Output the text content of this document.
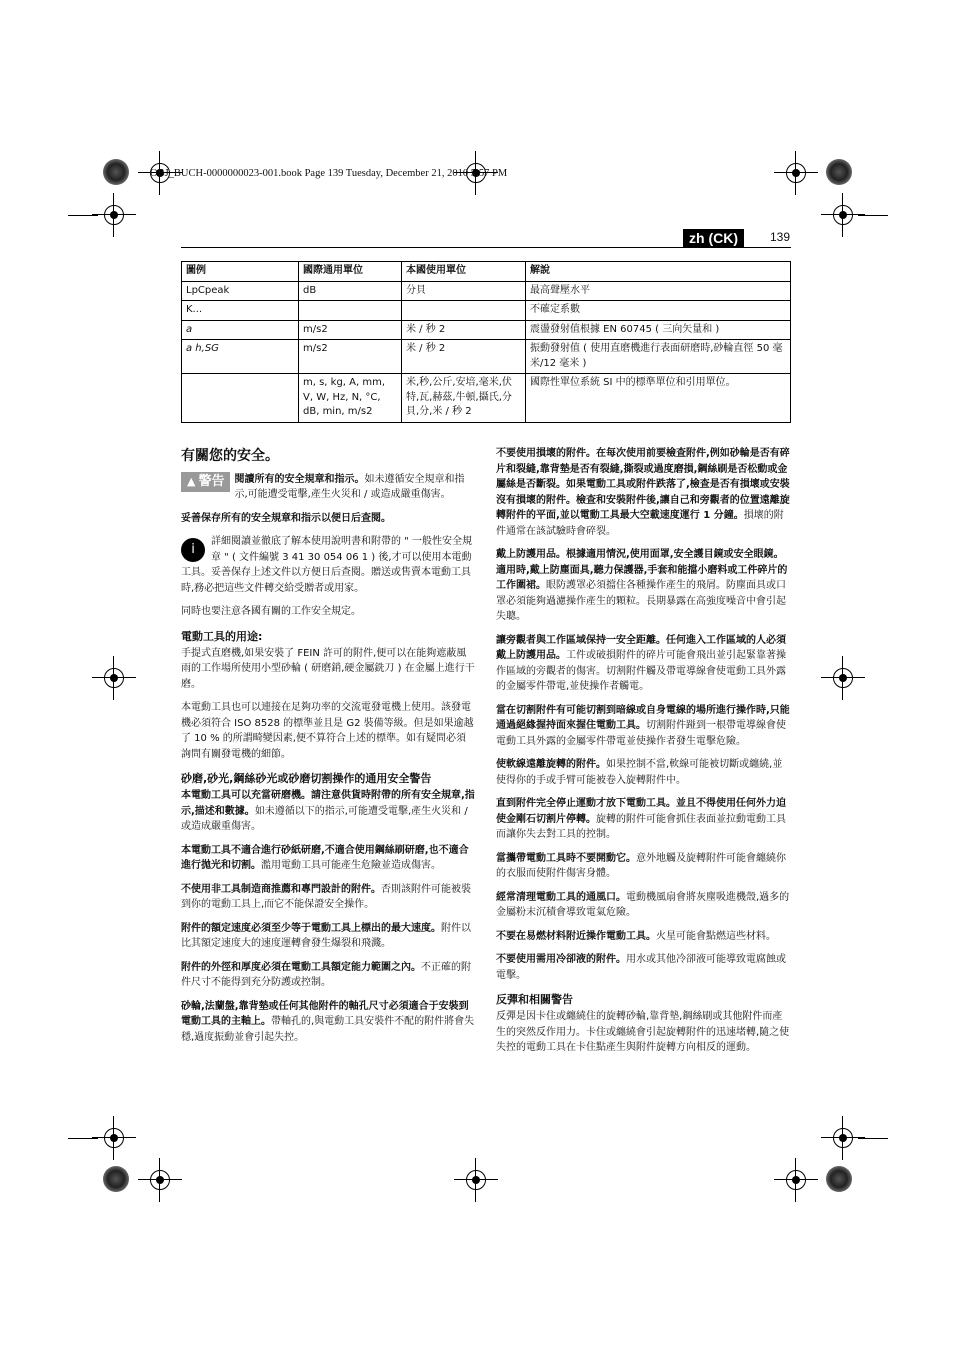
OBJ_BUCH-0000000023-001.book Page 139 Tuesday, December 21, 2010 5:57 PM
zh (CK)	139
圖例	國際通用單位	本國使用單位	解說
LpCpeak	dB	分貝	最高聲壓水平
K...			不確定系數
a	m/s2	米 / 秒 2	震盪發射值根據 EN 60745 ( 三向矢量和 )
a h,SG	m/s2	米 / 秒 2	振動發射值 ( 使用直磨機進行表面研磨時,砂輪直徑 50 毫米/12 毫米 )
	m, s, kg, A, mm, V, W, Hz, N, °C, dB, min, m/s2	米,秒,公斤,安培,毫米,伏特,瓦,赫茲,牛頓,攝氏,分貝,分,米 / 秒 2	國際性單位系統 SI 中的標準單位和引用單位。
有關您的安全。

▲ 警告	閱讀所有的安全規章和指示。如未遵循安全規章和指示,可能遭受電擊,產生火災和 / 或造成嚴重傷害。

妥善保存所有的安全規章和指示以便日后查閱。

i
詳細閱讀並徹底了解本使用說明書和附帶的 " 一般性安全規章 " ( 文件編號 3 41 30 054 06 1 ) 後,才可以使用本電動工具。妥善保存上述文件以方便日后查閱。贈送或售賣本電動工具時,務必把這些文件轉交給受贈者或用家。

同時也要注意各國有關的工作安全規定。

電動工具的用途:

手提式直磨機,如果安裝了 FEIN 許可的附件,便可以在能夠遮蔽風雨的工作場所使用小型砂輪 ( 研磨銷,硬金屬銑刀 ) 在金屬上進行干磨。

本電動工具也可以連接在足夠功率的交流電發電機上使用。該發電機必須符合 ISO 8528 的標準並且是 G2 裝備等級。但是如果逾越了 10 % 的所謂畸變因素,便不算符合上述的標準。如有疑問必須詢問有關發電機的細節。

砂磨,砂光,鋼絲砂光或砂磨切割操作的通用安全警告

本電動工具可以充當研磨機。請注意供貨時附帶的所有安全規章,指示,描述和數據。如未遵循以下的指示,可能遭受電擊,產生火災和 / 或造成嚴重傷害。

本電動工具不適合進行砂紙研磨,不適合使用鋼絲刷研磨,也不適合進行拋光和切割。濫用電動工具可能產生危險並造成傷害。

不使用非工具制造商推薦和專門設計的附件。否則該附件可能被裝到你的電動工具上,而它不能保證安全操作。

附件的額定速度必須至少等于電動工具上標出的最大速度。附件以比其額定速度大的速度運轉會發生爆裂和飛濺。

附件的外徑和厚度必須在電動工具額定能力範圍之內。不正確的附件尺寸不能得到充分防護或控制。

砂輪,法蘭盤,靠背墊或任何其他附件的軸孔尺寸必須適合于安裝到電動工具的主軸上。帶軸孔的,與電動工具安裝件不配的附件將會失穩,過度振動並會引起失控。

不要使用損壞的附件。在每次使用前要檢查附件,例如砂輪是否有碎片和裂縫,靠背墊是否有裂縫,撕裂或過度磨損,鋼絲刷是否松動或金屬絲是否斷裂。如果電動工具或附件跌落了,檢查是否有損壞或安裝沒有損壞的附件。檢查和安裝附件後,讓自己和旁觀者的位置遠離旋轉附件的平面,並以電動工具最大空載速度運行 1 分鐘。損壞的附件通常在該試驗時會碎裂。

戴上防護用品。根據適用情況,使用面罩,安全護目鏡或安全眼鏡。適用時,戴上防塵面具,聽力保護器,手套和能擋小磨料或工件碎片的工作圍裙。眼防護罩必須擋住各種操作產生的飛屑。防塵面具或口罩必須能夠過濾操作產生的顆粒。長期暴露在高強度噪音中會引起失聰。

讓旁觀者與工作區域保持一安全距離。任何進入工作區域的人必須戴上防護用品。工件或破損附件的碎片可能會飛出並引起緊靠著操作區域的旁觀者的傷害。切割附件觸及帶電導線會使電動工具外露的金屬零件帶電,並使操作者觸電。

當在切割附件有可能切割到暗線或自身電線的場所進行操作時,只能通過絕緣握持面來握住電動工具。切割附件踫到一根帶電導線會使電動工具外露的金屬零件帶電並使操作者發生電擊危險。

使軟線遠離旋轉的附件。如果控制不當,軟線可能被切斷或纏繞,並使得你的手或手臂可能被卷入旋轉附件中。

直到附件完全停止運動才放下電動工具。並且不得使用任何外力迫使金剛石切割片停轉。旋轉的附件可能會抓住表面並拉動電動工具而讓你失去對工具的控制。

當攜帶電動工具時不要開動它。意外地觸及旋轉附件可能會纏繞你的衣服而使附件傷害身體。

經常清理電動工具的通風口。電動機風扇會將灰塵吸進機殼,過多的金屬粉末沉積會導致電氣危險。

不要在易燃材料附近操作電動工具。火星可能會點燃這些材料。

不要使用需用冷卻液的附件。用水或其他冷卻液可能導致電腐蝕或電擊。

反彈和相關警告

反彈是因卡住或纏繞住的旋轉砂輪,靠背墊,鋼絲刷或其他附件而產生的突然反作用力。卡住或纏繞會引起旋轉附件的迅速堵轉,隨之使失控的電動工具在卡住點產生與附件旋轉方向相反的運動。
